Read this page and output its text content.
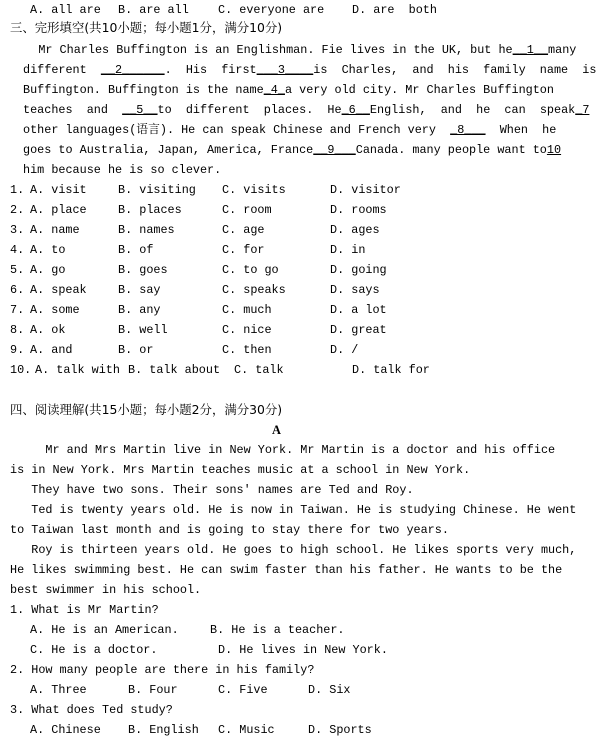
A. all are B. are all C. everyone are D. are  both
三、完形填空(共10小题；每小题1分，满分10分)
Mr Charles Buffington is an Englishman. Fie lives in the UK, but he__1__many
different  __2______.  His  first___3____is  Charles,  and  his  family  name  is
Buffington. Buffington is the name_4_a very old city. Mr Charles Buffington
teaches  and  __5__to  different  places.  He_6__English,  and  he  can  speak_7
other languages(语言). He can speak Chinese and French very  _8___  When  he
goes to Australia, Japan, America, France__9___Canada. many people want to10
him because he is so clever.
1. A. visit	B. visiting C. visits	D. visitor
2. A. place	B. places	C. room	D. rooms
3. A. name	B. names	C. age	D. ages
4. A. to	B. of	C. for	D. in
5. A. go	B. goes	C. to go	D. going
6. A. speak	B. say	C. speaks	D. says
7. A. some	B. any	C. much	D. a lot
8. A. ok	B. well	C. nice	D. great
9. A. and	B. or	C. then	D. /
10. A. talk with B. talk about C. talk	D. talk for
四、阅读理解(共15小题；每小题2分，满分30分)
A
Mr and Mrs Martin live in New York. Mr Martin is a doctor and his office
is in New York. Mrs Martin teaches music at a school in New York.
They have two sons. Their sons' names are Ted and Roy.
Ted is twenty years old. He is now in Taiwan. He is studying Chinese. He went
to Taiwan last month and is going to stay there for two years.
Roy is thirteen years old. He goes to high school. He likes sports very much,
He likes swimming best. He can swim faster than his father. He wants to be the
best swimmer in his school.
1. What is Mr Martin?
A. He is an American.	B. He is a teacher.
C. He is a doctor.	D. He lives in New York.
2. How many people are there in his family?
A. Three	B. Four	C. Five	D. Six
3. What does Ted study?
A. Chinese B. English C. Music	D. Sports
